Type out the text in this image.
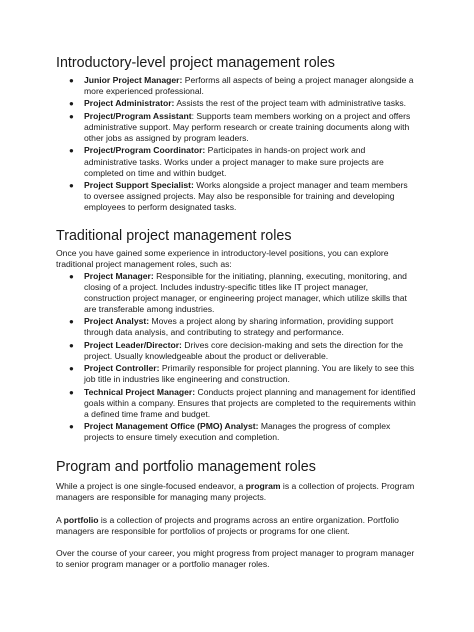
Introductory-level project management roles
● Junior Project Manager: Performs all aspects of being a project manager alongside a more experienced professional.
● Project Administrator: Assists the rest of the project team with administrative tasks.
● Project/Program Assistant: Supports team members working on a project and offers administrative support. May perform research or create training documents along with other jobs as assigned by program leaders.
● Project/Program Coordinator: Participates in hands-on project work and administrative tasks. Works under a project manager to make sure projects are completed on time and within budget.
● Project Support Specialist: Works alongside a project manager and team members to oversee assigned projects. May also be responsible for training and developing employees to perform designated tasks.
Traditional project management roles

Once you have gained some experience in introductory-level positions, you can explore traditional project management roles, such as:

● Project Manager: Responsible for the initiating, planning, executing, monitoring, and closing of a project. Includes industry-specific titles like IT project manager, construction project manager, or engineering project manager, which utilize skills that are transferable among industries.
● Project Analyst: Moves a project along by sharing information, providing support through data analysis, and contributing to strategy and performance.
● Project Leader/Director: Drives core decision-making and sets the direction for the project. Usually knowledgeable about the product or deliverable.
● Project Controller: Primarily responsible for project planning. You are likely to see this job title in industries like engineering and construction.
● Technical Project Manager: Conducts project planning and management for identified goals within a company. Ensures that projects are completed to the requirements within a defined time frame and budget.
● Project Management Office (PMO) Analyst: Manages the progress of complex projects to ensure timely execution and completion.
Program and portfolio management roles

While a project is one single-focused endeavor, a program is a collection of projects. Program managers are responsible for managing many projects.

A portfolio is a collection of projects and programs across an entire organization. Portfolio managers are responsible for portfolios of projects or programs for one client.

Over the course of your career, you might progress from project manager to program manager to senior program manager or a portfolio manager roles.
